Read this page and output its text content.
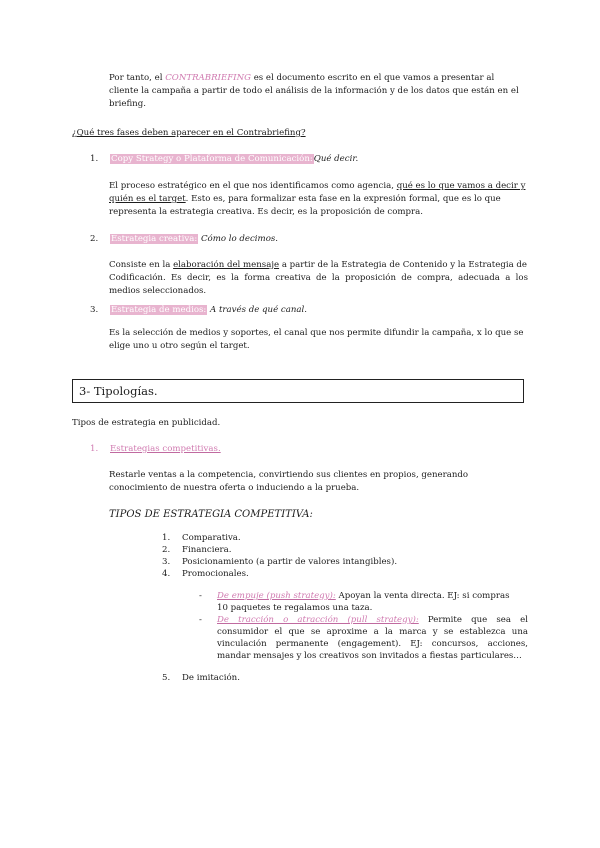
Por tanto, el CONTRABRIEFING es el documento escrito en el que vamos a presentar al

cliente la campaña a partir de todo el análisis de la información y de los datos que están en el

briefing.

¿Qué tres fases deben aparecer en el Contrabriefing?

1. Copy Strategy o Plataforma de Comunicación:Qué decir.

El proceso estratégico en el que nos identificamos como agencia, qué es lo que vamos a decir y

quién es el target. Esto es, para formalizar esta fase en la expresión formal, que es lo que

representa la estrategia creativa. Es decir, es la proposición de compra.

2. Estrategia creativa: Cómo lo decimos.

Consiste en la elaboración del mensaje a partir de la Estrategia de Contenido y la Estrategia de

Codificación. Es decir, es la forma creativa de la proposición de compra, adecuada a los

medios seleccionados.

3. Estrategia de medios: A través de qué canal.

Es la selección de medios y soportes, el canal que nos permite difundir la campaña, x lo que se

elige uno u otro según el target.

3- Tipologías.

Tipos de estrategia en publicidad.

1. Estrategias competitivas.

Restarle ventas a la competencia, convirtiendo sus clientes en propios, generando

conocimiento de nuestra oferta o induciendo a la prueba.

TIPOS DE ESTRATEGIA COMPETITIVA:

1. Comparativa.

2. Financiera.

3. Posicionamiento (a partir de valores intangibles).

4. Promocionales.

- De empuje (push strategy): Apoyan la venta directa. EJ: si compras

10 paquetes te regalamos una taza.

- De tracción o atracción (pull strategy): Permite que sea el

consumidor el que se aproxime a la marca y se establezca una

vinculación permanente (engagement). EJ: concursos, acciones,

mandar mensajes y los creativos son invitados a fiestas particulares…

5. De imitación.
